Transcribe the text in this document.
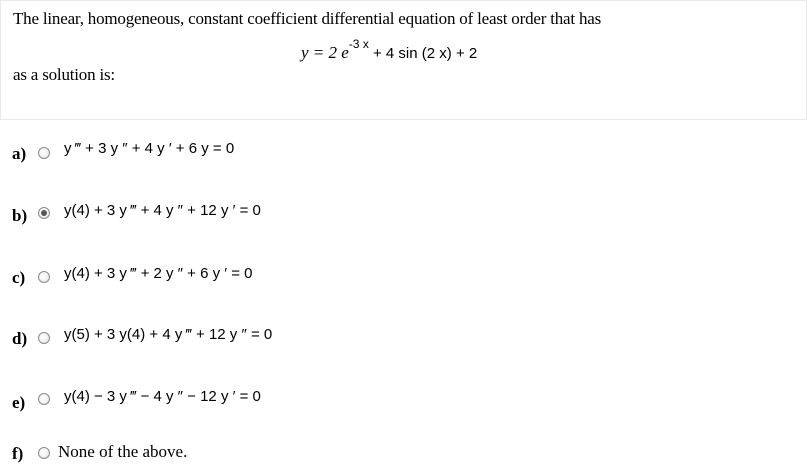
The linear, homogeneous, constant coefficient differential equation of least order that has
y = 2 $e^{-3 x} + 4$ sin (2 x) + 2
as a solution is:
a)	y ‴ + 3 y ″ + 4 y ′ + 6 y = 0
b) y(4) + 3 y ‴ + 4 y ″ + 12 y ′ = 0
c)	y(4) + 3 y ‴ + 2 y ″ + 6 y ′ = 0
d) y(5) + 3 y(4) + 4 y ‴ + 12 y ″ = 0
e)	y(4) − 3 y ‴ − 4 y ″ − 12 y ′ = 0
f) None of the above.
